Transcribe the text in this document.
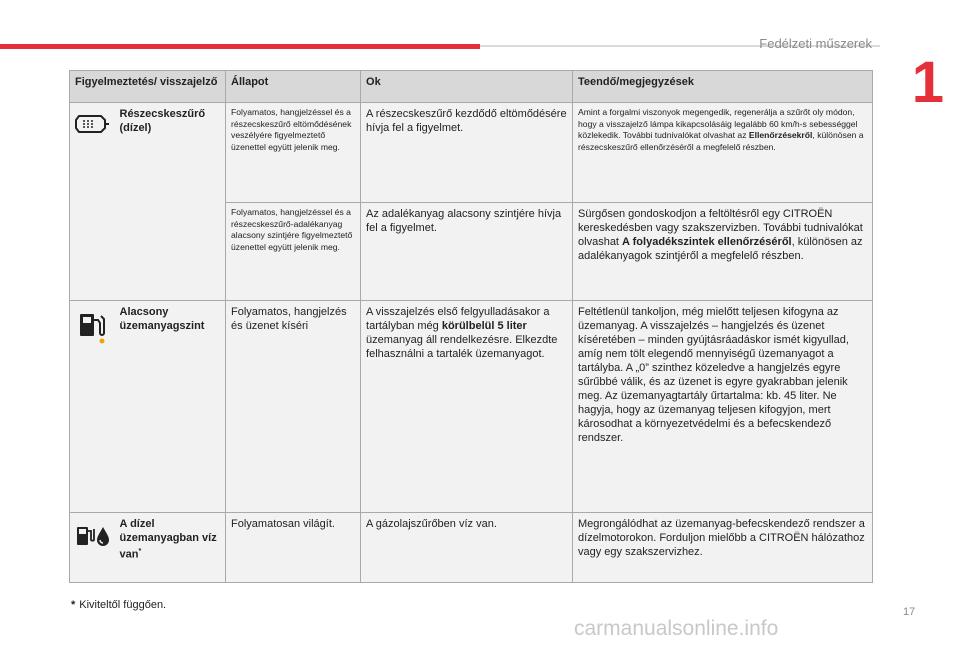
Fedélzeti műszerek
1
Figyelmeztetés/ visszajelző		Állapot	Ok	Teendő/megjegyzések

	Részecskeszűrő (dízel)	Folyamatos, hangjelzéssel és a részecskeszűrő eltömődésének veszélyére figyelmeztető üzenettel együtt jelenik meg.	A részecskeszűrő kezdődő eltömődésére hívja fel a figyelmet.	Amint a forgalmi viszonyok megengedik, regenerálja a szűrőt oly módon, hogy a visszajelző lámpa kikapcsolásáig legalább 60 km/h-s sebességgel közlekedik. További tudnivalókat olvashat az Ellenőrzésekről, különösen a részecskeszűrő ellenőrzéséről a megfelelő részben.
		Folyamatos, hangjelzéssel és a részecskeszűrő-adalékanyag alacsony szintjére figyelmeztető üzenettel együtt jelenik meg.	Az adalékanyag alacsony szintjére hívja fel a figyelmet.	Sürgősen gondoskodjon a feltöltésről egy CITROËN kereskedésben vagy szakszervizben. További tudnivalókat olvashat A folyadékszintek ellenőrzéséről, különösen az adalékanyagok szintjéről a megfelelő részben.

	Alacsony üzemanyagszint	Folyamatos, hangjelzés és üzenet kíséri	A visszajelzés első felgyulladásakor a tartályban még körülbelül 5 liter üzemanyag áll rendelkezésre. Elkezdte felhasználni a tartalék üzemanyagot.	Feltétlenül tankoljon, még mielőtt teljesen kifogyna az üzemanyag. A visszajelzés – hangjelzés és üzenet kíséretében – minden gyújtásráadáskor ismét kigyullad, amíg nem tölt elegendő mennyiségű üzemanyagot a tartályba. A „0” szinthez közeledve a hangjelzés egyre sűrűbbé válik, és az üzenet is egyre gyakrabban jelenik meg. Az üzemanyagtartály űrtartalma: kb. 45 liter. Ne hagyja, hogy az üzemanyag teljesen kifogyjon, mert károsodhat a környezetvédelmi és a befecskendező rendszer.

	A dízel üzemanyagban víz van*	Folyamatosan világít.	A gázolajszűrőben víz van.	Megrongálódhat az üzemanyag-befecskendező rendszer a dízelmotorokon. Forduljon mielőbb a CITROËN hálózathoz vagy egy szakszervizhez.
* Kiviteltől függően.
17
carmanualsonline.info
